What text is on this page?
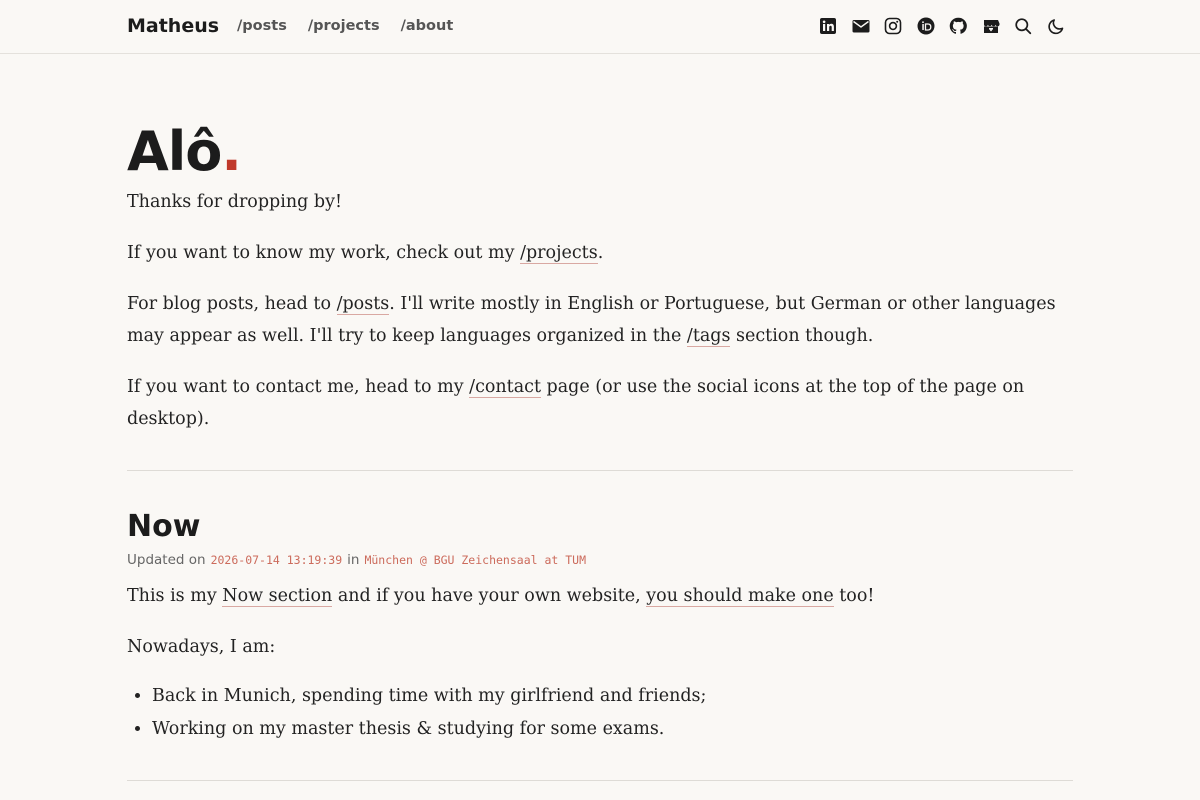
Matheus /posts /projects /about
Alô.

Thanks for dropping by!

If you want to know my work, check out my /projects.

For blog posts, head to /posts. I'll write mostly in English or Portuguese, but German or other languages may appear as well. I'll try to keep languages organized in the /tags section though.

If you want to contact me, head to my /contact page (or use the social icons at the top of the page on desktop).

Now
Updated on 2026-07-14 13:19:39 in München @ BGU Zeichensaal at TUM

This is my Now section and if you have your own website, you should make one too!

Nowadays, I am:

• Back in Munich, spending time with my girlfriend and friends;
• Working on my master thesis & studying for some exams.
